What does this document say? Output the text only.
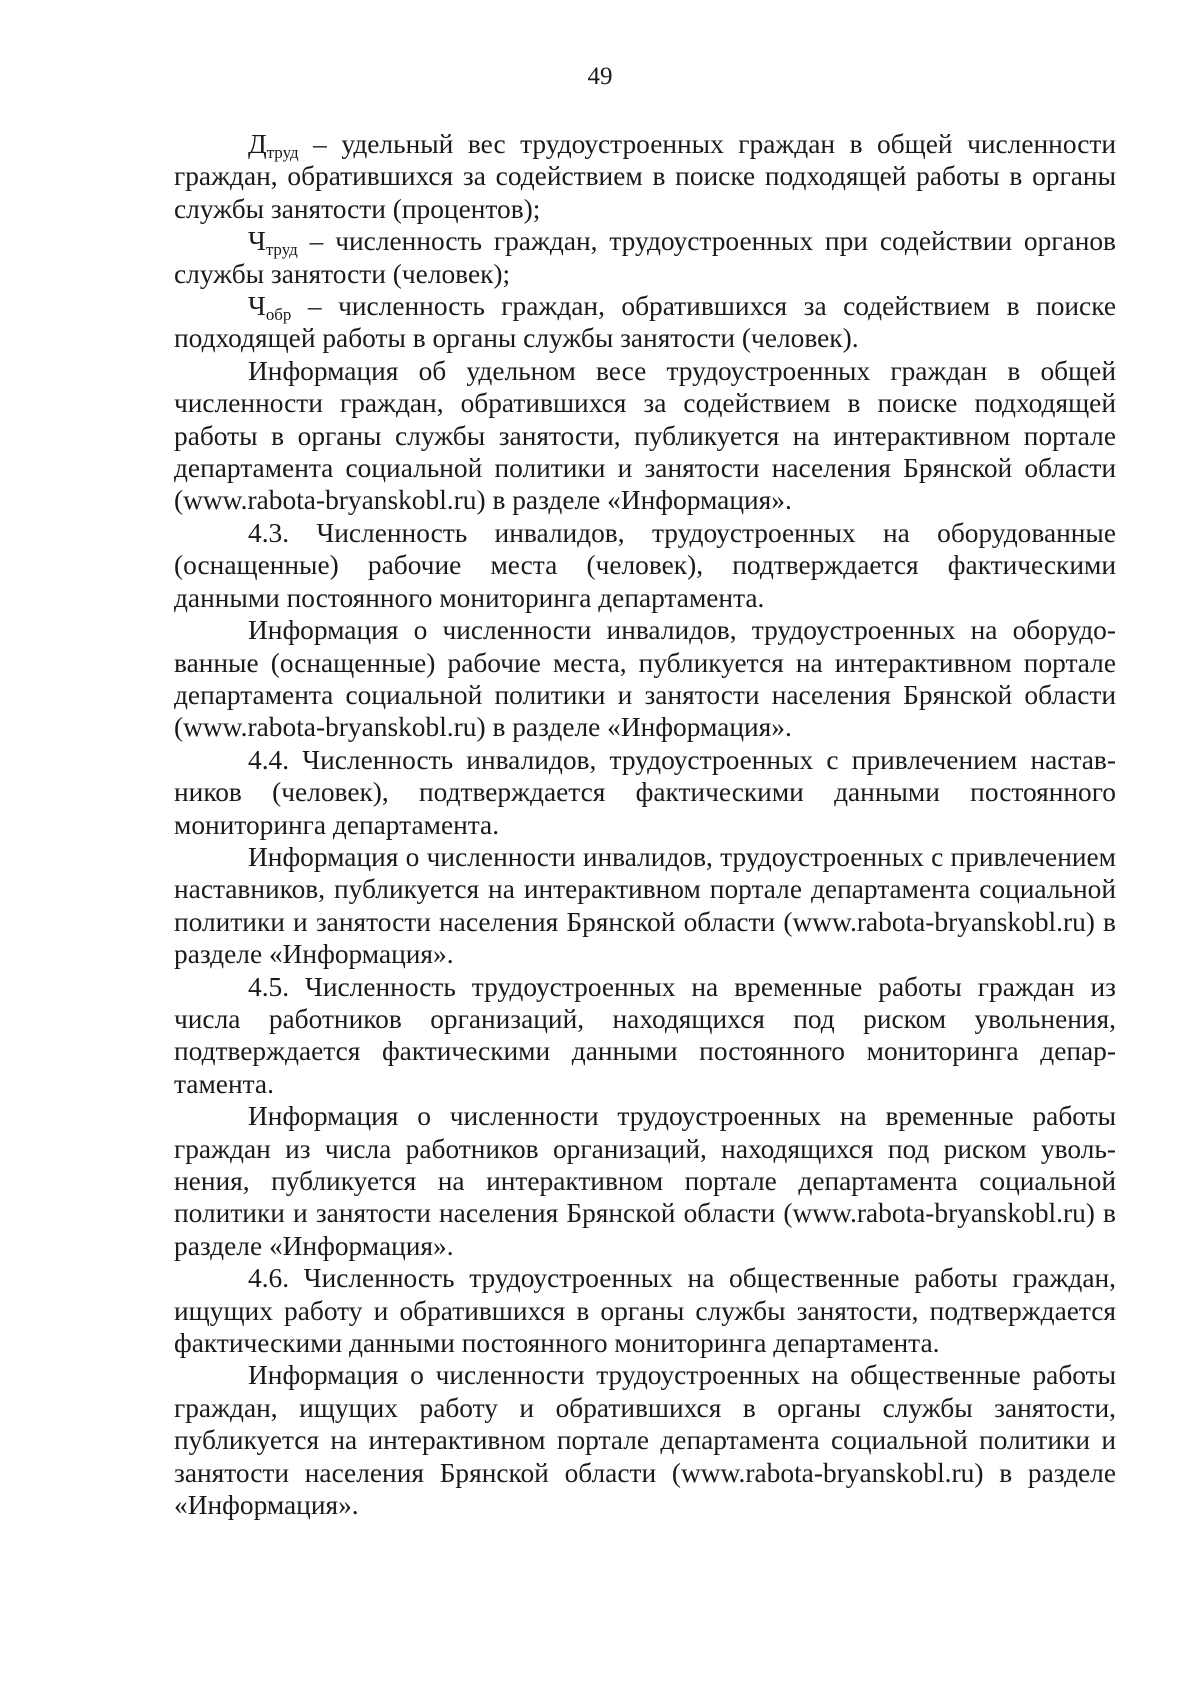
49

Дтруд – удельный вес трудоустроенных граждан в общей численности граждан, обратившихся за содействием в поиске подходящей работы в органы службы занятости (процентов);

Чтруд – численность граждан, трудоустроенных при содействии органов службы занятости (человек);

Чобр – численность граждан, обратившихся за содействием в поиске подходящей работы в органы службы занятости (человек).

Информация об удельном весе трудоустроенных граждан в общей численности граждан, обратившихся за содействием в поиске подходящей работы в органы службы занятости, публикуется на интерактивном портале департамента социальной политики и занятости населения Брянской области (www.rabota-bryanskobl.ru) в разделе «Информация».

4.3. Численность инвалидов, трудоустроенных на оборудованные (оснащенные) рабочие места (человек), подтверждается фактическими данными постоянного мониторинга департамента.

Информация о численности инвалидов, трудоустроенных на оборудованные (оснащенные) рабочие места, публикуется на интерактивном портале департамента социальной политики и занятости населения Брянской области (www.rabota-bryanskobl.ru) в разделе «Информация».

4.4. Численность инвалидов, трудоустроенных с привлечением наставников (человек), подтверждается фактическими данными постоянного мониторинга департамента.

Информация о численности инвалидов, трудоустроенных с привлечением наставников, публикуется на интерактивном портале департамента социальной политики и занятости населения Брянской области (www.rabota-bryanskobl.ru) в разделе «Информация».

4.5. Численность трудоустроенных на временные работы граждан из числа работников организаций, находящихся под риском увольнения, подтверждается фактическими данными постоянного мониторинга департамента.

Информация о численности трудоустроенных на временные работы граждан из числа работников организаций, находящихся под риском увольнения, публикуется на интерактивном портале департамента социальной политики и занятости населения Брянской области (www.rabota-bryanskobl.ru) в разделе «Информация».

4.6. Численность трудоустроенных на общественные работы граждан, ищущих работу и обратившихся в органы службы занятости, подтверждается фактическими данными постоянного мониторинга департамента.

Информация о численности трудоустроенных на общественные работы граждан, ищущих работу и обратившихся в органы службы занятости, публикуется на интерактивном портале департамента социальной политики и занятости населения Брянской области (www.rabota-bryanskobl.ru) в разделе «Информация».
